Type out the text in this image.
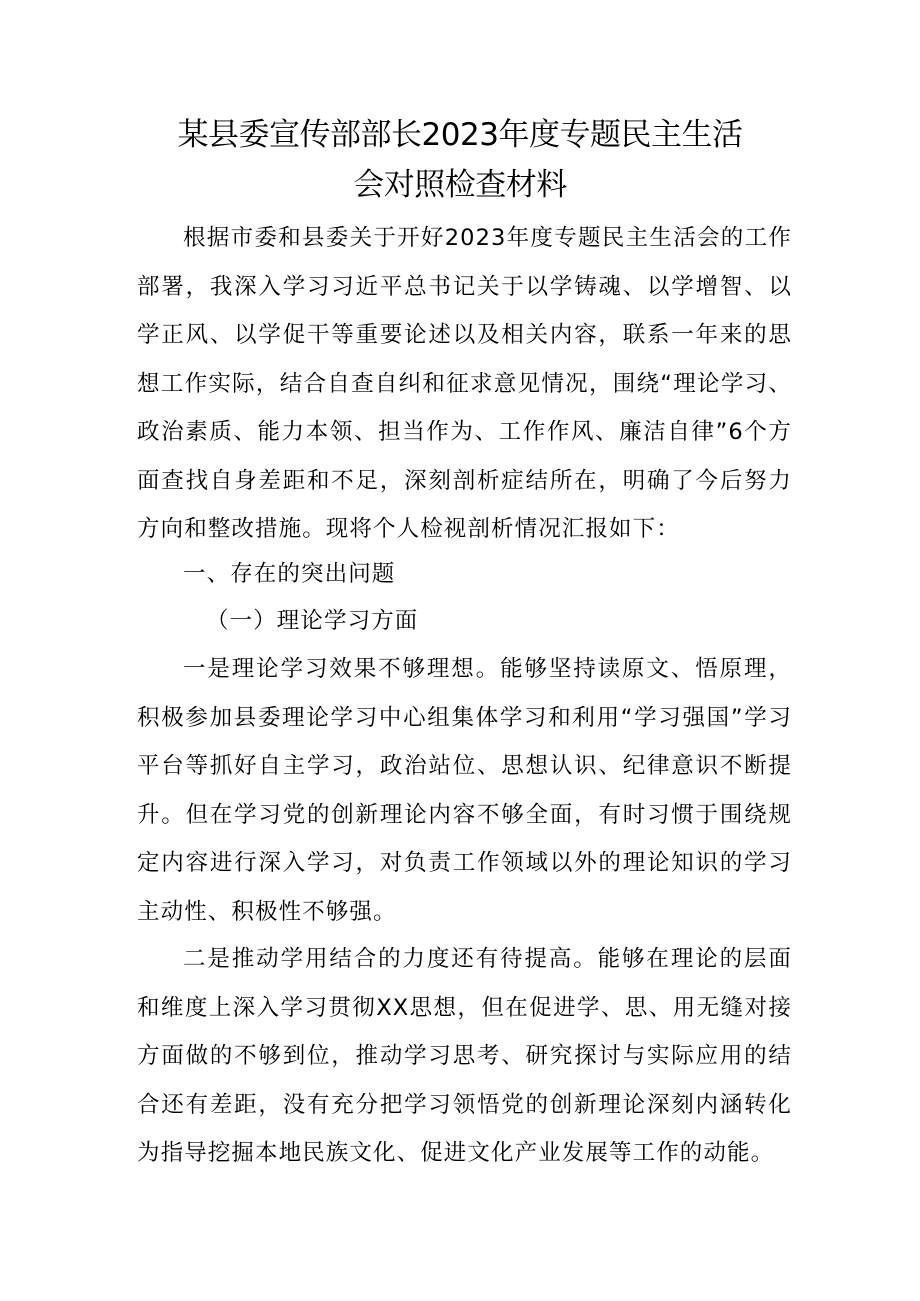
某县委宣传部部长2023年度专题民主生活
会对照检查材料

根据市委和县委关于开好2023年度专题民主生活会的工作部署，我深入学习习近平总书记关于以学铸魂、以学增智、以学正风、以学促干等重要论述以及相关内容，联系一年来的思想工作实际，结合自查自纠和征求意见情况，围绕“理论学习、政治素质、能力本领、担当作为、工作作风、廉洁自律”6个方面查找自身差距和不足，深刻剖析症结所在，明确了今后努力方向和整改措施。现将个人检视剖析情况汇报如下：

一、存在的突出问题

（一）理论学习方面

一是理论学习效果不够理想。能够坚持读原文、悟原理，积极参加县委理论学习中心组集体学习和利用“学习强国”学习平台等抓好自主学习，政治站位、思想认识、纪律意识不断提升。但在学习党的创新理论内容不够全面，有时习惯于围绕规定内容进行深入学习，对负责工作领域以外的理论知识的学习主动性、积极性不够强。

二是推动学用结合的力度还有待提高。能够在理论的层面和维度上深入学习贯彻XX思想，但在促进学、思、用无缝对接方面做的不够到位，推动学习思考、研究探讨与实际应用的结合还有差距，没有充分把学习领悟党的创新理论深刻内涵转化为指导挖掘本地民族文化、促进文化产业发展等工作的动能。
